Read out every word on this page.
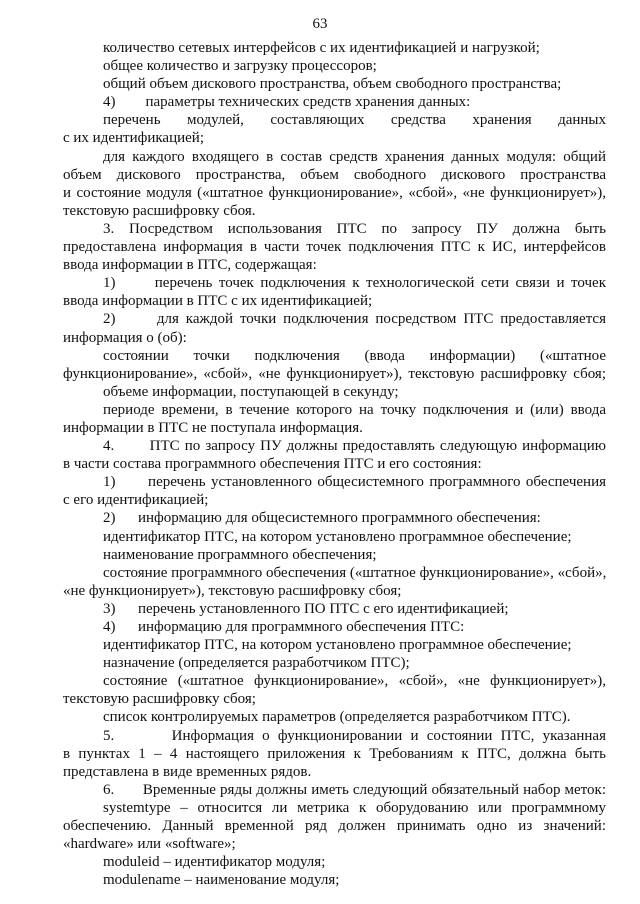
63
количество сетевых интерфейсов с их идентификацией и нагрузкой;
общее количество и загрузку процессоров;
общий объем дискового пространства, объем свободного пространства;
4)        параметры технических средств хранения данных:
перечень модулей, составляющих средства хранения данных
с их идентификацией;
для каждого входящего в состав средств хранения данных модуля: общий
объем дискового пространства, объем свободного дискового пространства
и состояние модуля («штатное функционирование», «сбой», «не функционирует»),
текстовую расшифровку сбоя.
3. Посредством использования ПТС по запросу ПУ должна быть
предоставлена информация в части точек подключения ПТС к ИС, интерфейсов
ввода информации в ПТС, содержащая:
1)      перечень точек подключения к технологической сети связи и точек
ввода информации в ПТС с их идентификацией;
2)      для каждой точки подключения посредством ПТС предоставляется
информация о (об):
состоянии точки подключения (ввода информации) («штатное
функционирование», «сбой», «не функционирует»), текстовую расшифровку сбоя;
объеме информации, поступающей в секунду;
периоде времени, в течение которого на точку подключения и (или) ввода
информации в ПТС не поступала информация.
4.       ПТС по запросу ПУ должны предоставлять следующую информацию
в части состава программного обеспечения ПТС и его состояния:
1)      перечень установленного общесистемного программного обеспечения
с его идентификацией;
2)      информацию для общесистемного программного обеспечения:
идентификатор ПТС, на котором установлено программное обеспечение;
наименование программного обеспечения;
состояние программного обеспечения («штатное функционирование», «сбой»,
«не функционирует»), текстовую расшифровку сбоя;
3)      перечень установленного ПО ПТС с его идентификацией;
4)      информацию для программного обеспечения ПТС:
идентификатор ПТС, на котором установлено программное обеспечение;
назначение (определяется разработчиком ПТС);
состояние («штатное функционирование», «сбой», «не функционирует»),
текстовую расшифровку сбоя;
список контролируемых параметров (определяется разработчиком ПТС).
5.       Информация о функционировании и состоянии ПТС, указанная
в пунктах 1 – 4 настоящего приложения к Требованиям к ПТС, должна быть
представлена в виде временных рядов.
6.       Временные ряды должны иметь следующий обязательный набор меток:
systemtype – относится ли метрика к оборудованию или программному
обеспечению. Данный временной ряд должен принимать одно из значений:
«hardware» или «software»;
moduleid – идентификатор модуля;
modulename – наименование модуля;
